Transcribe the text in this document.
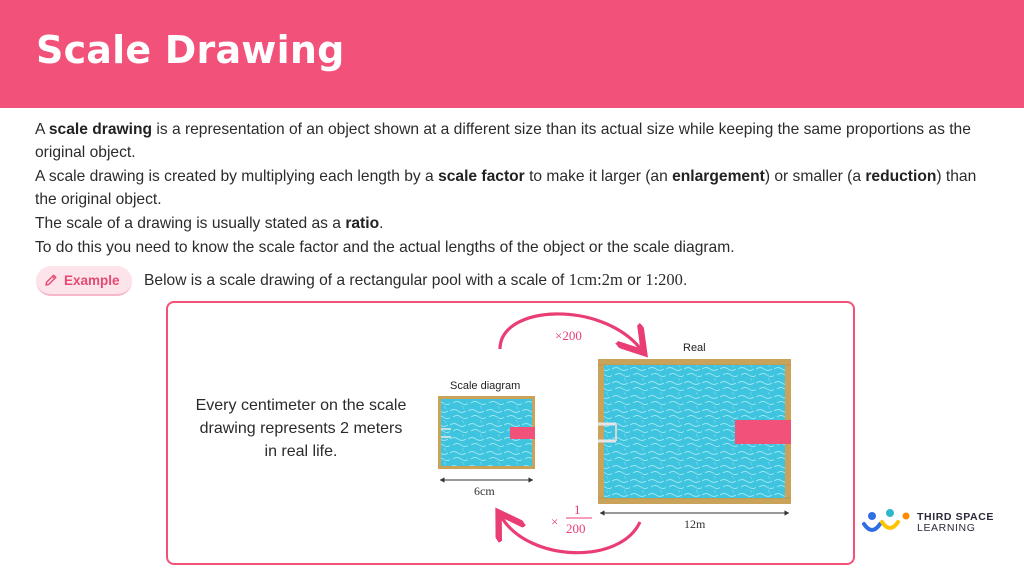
Scale Drawing

A scale drawing is a representation of an object shown at a different size than its actual size while keeping the same proportions as the original object.

A scale drawing is created by multiplying each length by a scale factor to make it larger (an enlargement) or smaller (a reduction) than the original object.

The scale of a drawing is usually stated as a ratio.

To do this you need to know the scale factor and the actual lengths of the object or the scale diagram.

Example Below is a scale drawing of a rectangular pool with a scale of 1cm:2m or 1:200.
Every centimeter on the scale drawing represents 2 meters in real life.
×200
×
1
200
Scale diagram
6cm
Real
12m	THIRD SPACE
LEARNING
